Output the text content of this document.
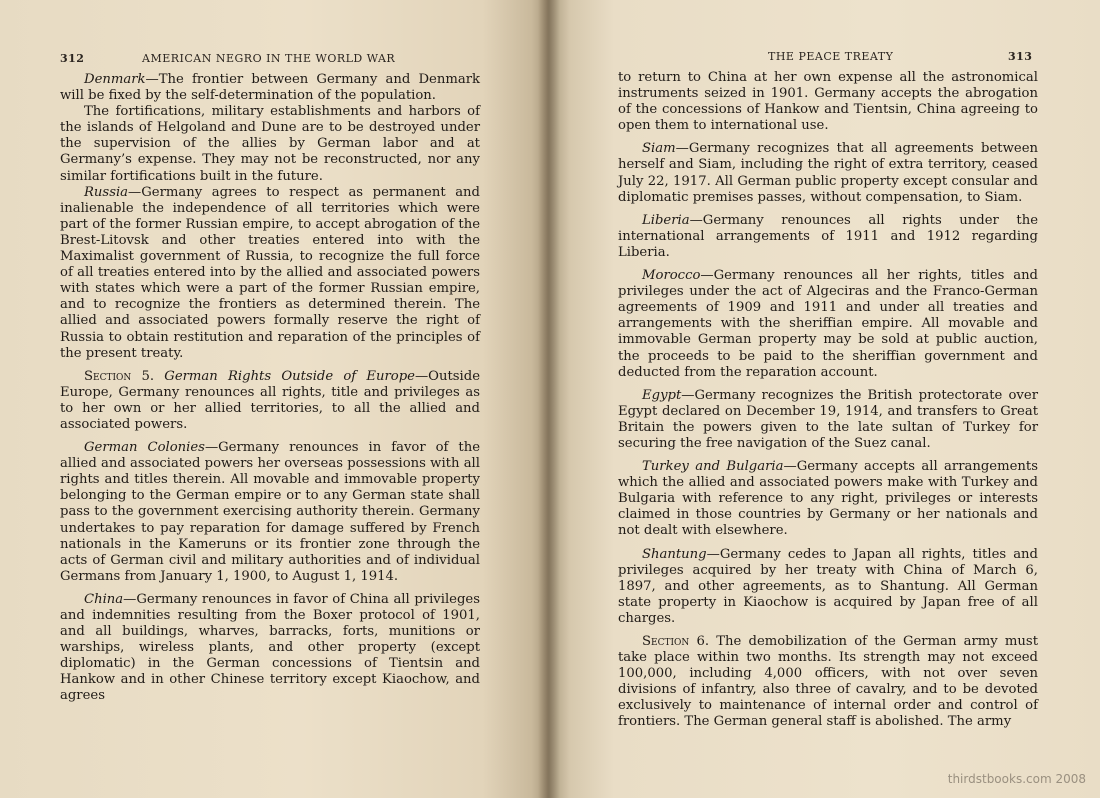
312	AMERICAN NEGRO IN THE WORLD WAR

Denmark—The frontier between Germany and Denmark will be fixed by the self-determination of the population.

The fortifications, military establishments and harbors of the islands of Helgoland and Dune are to be destroyed under the supervision of the allies by German labor and at Germany’s expense. They may not be reconstructed, nor any similar fortifications built in the future.

Russia—Germany agrees to respect as permanent and inalienable the independence of all territories which were part of the former Russian empire, to accept abrogation of the Brest-Litovsk and other treaties entered into with the Maximalist government of Russia, to recognize the full force of all treaties entered into by the allied and associated powers with states which were a part of the former Russian empire, and to recognize the frontiers as determined therein. The allied and associated powers formally reserve the right of Russia to obtain restitution and reparation of the principles of the present treaty.

Section 5. German Rights Outside of Europe—Outside Europe, Germany renounces all rights, title and privileges as to her own or her allied territories, to all the allied and associated powers.

German Colonies—Germany renounces in favor of the allied and associated powers her overseas possessions with all rights and titles therein. All movable and immovable property belonging to the German empire or to any German state shall pass to the government exercising authority therein. Germany undertakes to pay reparation for damage suffered by French nationals in the Kameruns or its frontier zone through the acts of German civil and military authorities and of individual Germans from January 1, 1900, to August 1, 1914.

China—Germany renounces in favor of China all privileges and indemnities resulting from the Boxer protocol of 1901, and all buildings, wharves, barracks, forts, munitions or warships, wireless plants, and other property (except diplomatic) in the German concessions of Tientsin and Hankow and in other Chinese territory except Kiaochow, and agrees

THE PEACE TREATY	313

to return to China at her own expense all the astronomical instruments seized in 1901. Germany accepts the abrogation of the concessions of Hankow and Tientsin, China agreeing to open them to international use.

Siam—Germany recognizes that all agreements between herself and Siam, including the right of extra territory, ceased July 22, 1917. All German public property except consular and diplomatic premises passes, without compensation, to Siam.

Liberia—Germany renounces all rights under the international arrangements of 1911 and 1912 regarding Liberia.

Morocco—Germany renounces all her rights, titles and privileges under the act of Algeciras and the Franco-German agreements of 1909 and 1911 and under all treaties and arrangements with the sheriffian empire. All movable and immovable German property may be sold at public auction, the proceeds to be paid to the sheriffian government and deducted from the reparation account.

Egypt—Germany recognizes the British protectorate over Egypt declared on December 19, 1914, and transfers to Great Britain the powers given to the late sultan of Turkey for securing the free navigation of the Suez canal.

Turkey and Bulgaria—Germany accepts all arrangements which the allied and associated powers make with Turkey and Bulgaria with reference to any right, privileges or interests claimed in those countries by Germany or her nationals and not dealt with elsewhere.

Shantung—Germany cedes to Japan all rights, titles and privileges acquired by her treaty with China of March 6, 1897, and other agreements, as to Shantung. All German state property in Kiaochow is acquired by Japan free of all charges.

Section 6. The demobilization of the German army must take place within two months. Its strength may not exceed 100,000, including 4,000 officers, with not over seven divisions of infantry, also three of cavalry, and to be devoted exclusively to maintenance of internal order and control of frontiers. The German general staff is abolished. The army

thirdstbooks.com 2008
